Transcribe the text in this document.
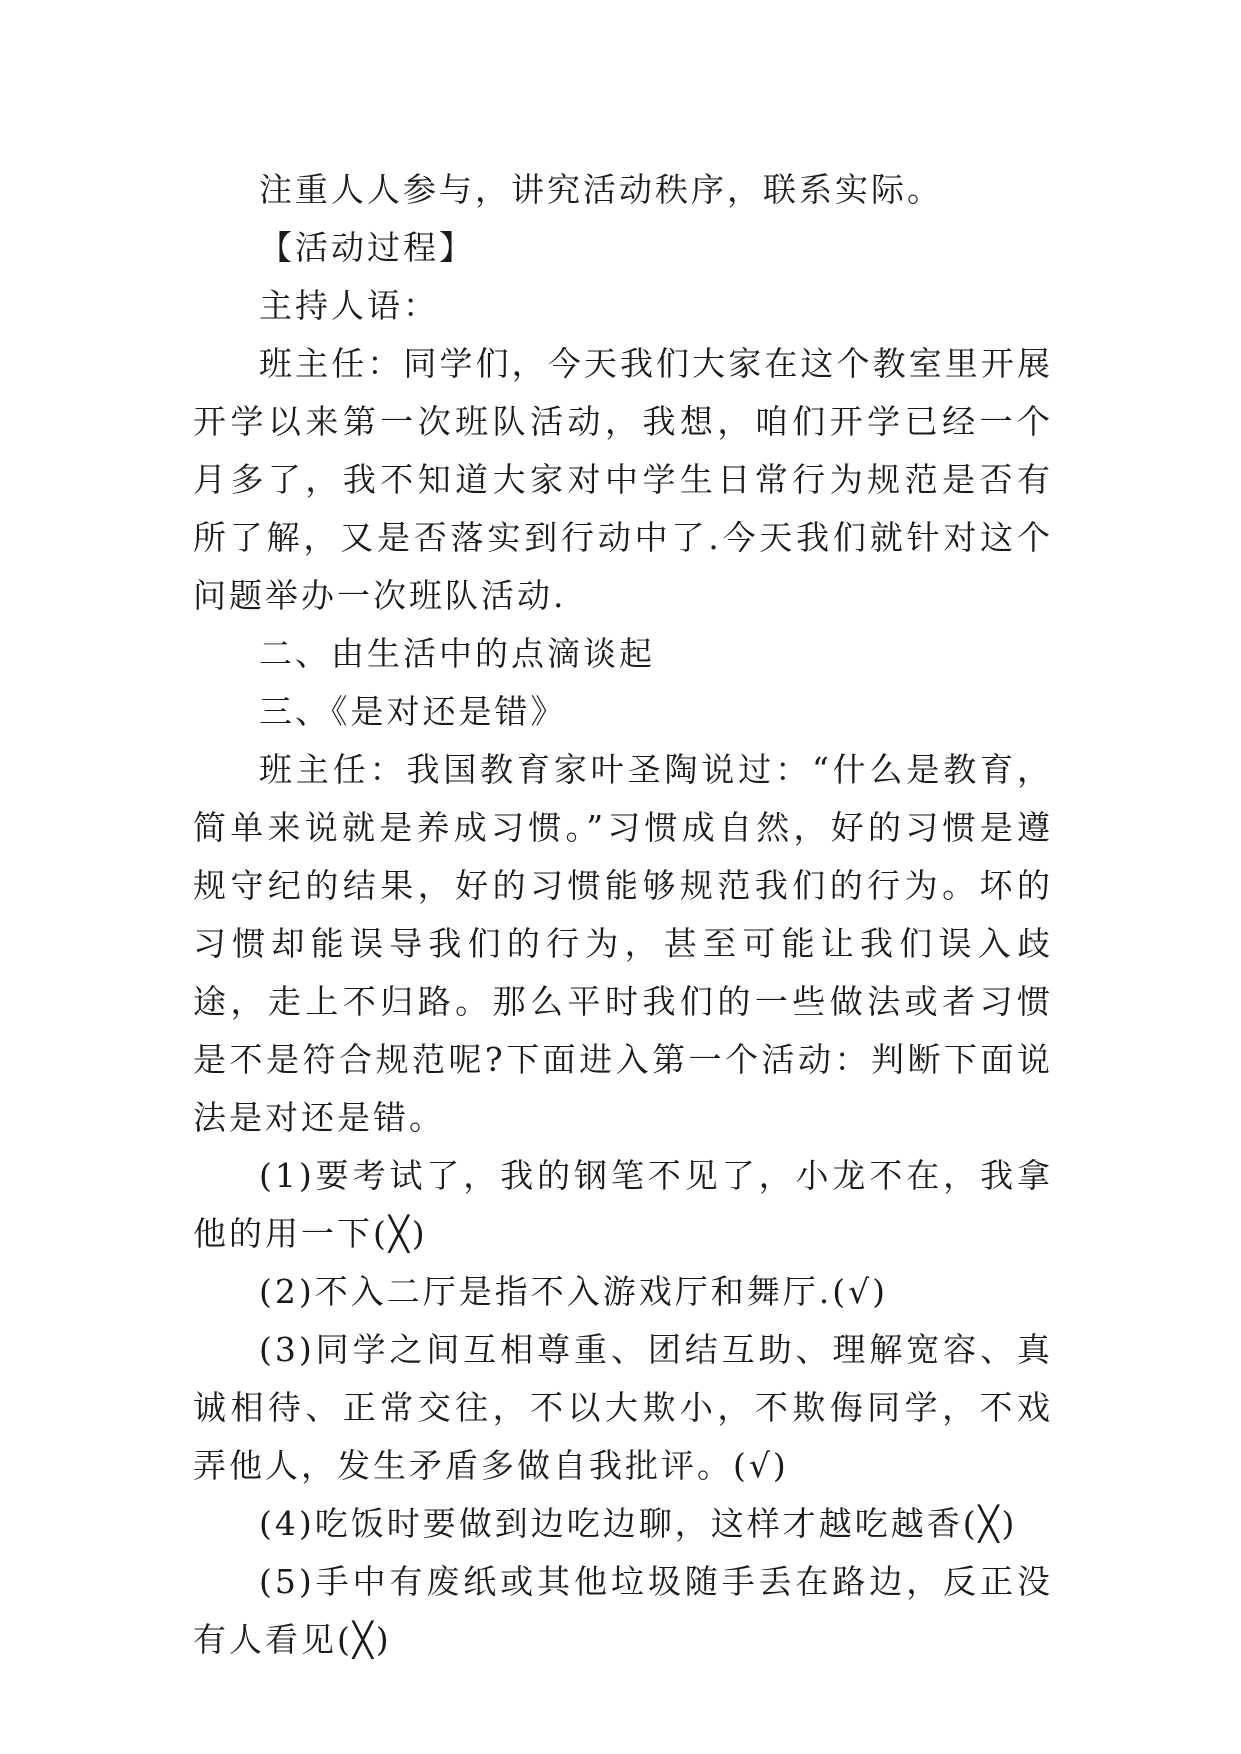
注重人人参与，讲究活动秩序，联系实际。

【活动过程】

主持人语：

班主任：同学们，今天我们大家在这个教室里开展开学以来第一次班队活动，我想，咱们开学已经一个月多了，我不知道大家对中学生日常行为规范是否有所了解，又是否落实到行动中了.今天我们就针对这个问题举办一次班队活动.

二、由生活中的点滴谈起

三、《是对还是错》

班主任：我国教育家叶圣陶说过：“什么是教育，简单来说就是养成习惯。”习惯成自然，好的习惯是遵规守纪的结果，好的习惯能够规范我们的行为。坏的习惯却能误导我们的行为，甚至可能让我们误入歧途，走上不归路。那么平时我们的一些做法或者习惯是不是符合规范呢?下面进入第一个活动：判断下面说法是对还是错。

(1)要考试了，我的钢笔不见了，小龙不在，我拿他的用一下(╳)

(2)不入二厅是指不入游戏厅和舞厅.(√)

(3)同学之间互相尊重、团结互助、理解宽容、真诚相待、正常交往，不以大欺小，不欺侮同学，不戏弄他人，发生矛盾多做自我批评。(√)

(4)吃饭时要做到边吃边聊，这样才越吃越香(╳)

(5)手中有废纸或其他垃圾随手丢在路边，反正没有人看见(╳)
